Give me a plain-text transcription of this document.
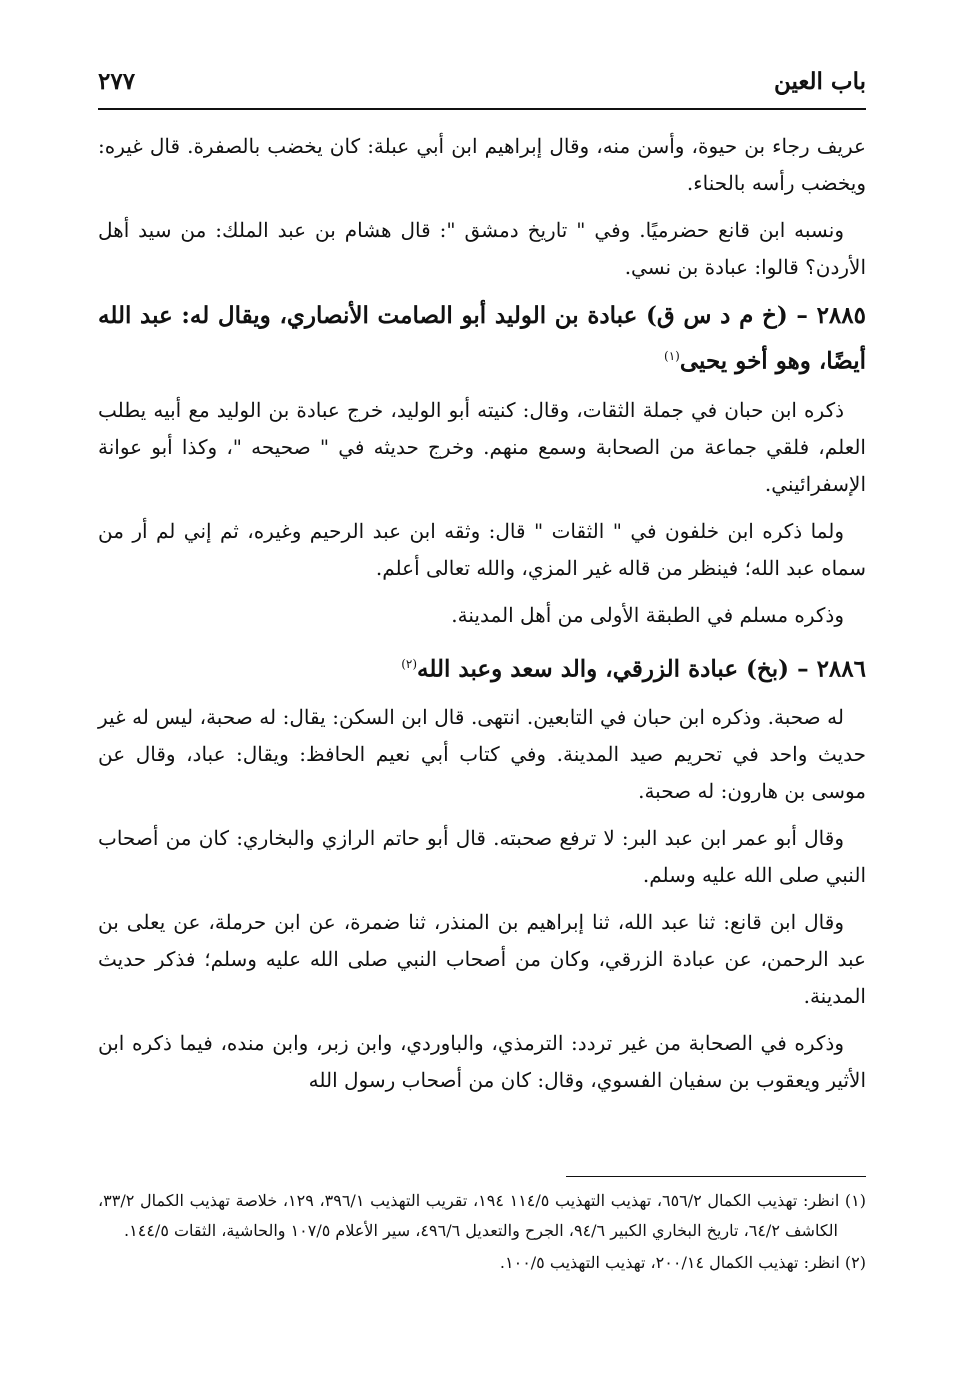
باب العين
٢٧٧

عريف رجاء بن حيوة، وأسن منه، وقال إبراهيم ابن أبي عبلة: كان يخضب بالصفرة. قال غيره: ويخضب رأسه بالحناء.

ونسبه ابن قانع حضرميًا. وفي " تاريخ دمشق ": قال هشام بن عبد الملك: من سيد أهل الأردن؟ قالوا: عبادة بن نسي.

٢٨٨٥ – (خ م د س ق) عبادة بن الوليد أبو الصامت الأنصاري، ويقال له: عبد الله أيضًا، وهو أخو يحيى$^{(١)}$

ذكره ابن حبان في جملة الثقات، وقال: كنيته أبو الوليد، خرج عبادة بن الوليد مع أبيه يطلب العلم، فلقي جماعة من الصحابة وسمع منهم. وخرج حديثه في " صحيحه "، وكذا أبو عوانة الإسفرائيني.

ولما ذكره ابن خلفون في " الثقات " قال: وثقه ابن عبد الرحيم وغيره، ثم إني لم أر من سماه عبد الله؛ فينظر من قاله غير المزي، والله تعالى أعلم.

وذكره مسلم في الطبقة الأولى من أهل المدينة.

٢٨٨٦ – (بخ) عبادة الزرقي، والد سعد وعبد الله$^{(٢)}$

له صحبة. وذكره ابن حبان في التابعين. انتهى. قال ابن السكن: يقال: له صحبة، ليس له غير حديث واحد في تحريم صيد المدينة. وفي كتاب أبي نعيم الحافظ: ويقال: عباد، وقال عن موسى بن هارون: له صحبة.

وقال أبو عمر ابن عبد البر: لا ترفع صحبته. قال أبو حاتم الرازي والبخاري: كان من أصحاب النبي صلى الله عليه وسلم.

وقال ابن قانع: ثنا عبد الله، ثنا إبراهيم بن المنذر، ثنا ضمرة، عن ابن حرملة، عن يعلى بن عبد الرحمن، عن عبادة الزرقي، وكان من أصحاب النبي صلى الله عليه وسلم؛ فذكر حديث المدينة.

وذكره في الصحابة من غير تردد: الترمذي، والباوردي، وابن زبر، وابن منده، فيما ذكره ابن الأثير ويعقوب بن سفيان الفسوي، وقال: كان من أصحاب رسول الله

(١) انظر: تهذيب الكمال ٦٥٦/٢، تهذيب التهذيب ١١٤/٥ ١٩٤، تقريب التهذيب ٣٩٦/١، ١٢٩، خلاصة تهذيب الكمال ٣٣/٢، الكاشف ٦٤/٢، تاريخ البخاري الكبير ٩٤/٦، الجرح والتعديل ٤٩٦/٦، سير الأعلام ١٠٧/٥ والحاشية، الثقات ١٤٤/٥.

(٢) انظر: تهذيب الكمال ٢٠٠/١٤، تهذيب التهذيب ١٠٠/٥.
